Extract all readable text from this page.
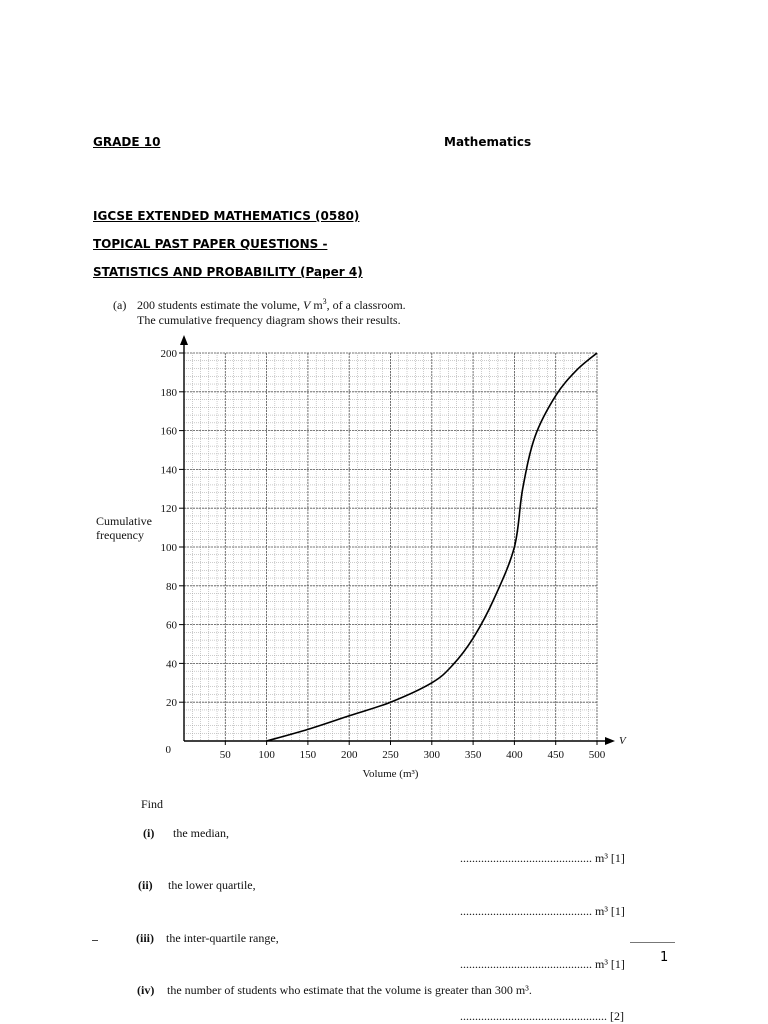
GRADE 10	Mathematics
IGCSE EXTENDED MATHEMATICS (0580)
TOPICAL PAST PAPER QUESTIONS -
STATISTICS AND PROBABILITY (Paper 4)
(a) 200 students estimate the volume, V $m^3$, of a classroom.
The cumulative frequency diagram shows their results.
0
20
40
60
80
100
120
140
160
180
200
50	100 150 200 250 300 350 400 450 500
Cumulative
frequency
Volume (m³)
V
Find
(i) the median,
............................................ m³ [1]
(ii) the lower quartile,
............................................ m³ [1]
(iii) the inter-quartile range,
............................................ m³ [1]
(iv) the number of students who estimate that the volume is greater than 300 m³.
................................................. [2]
1
